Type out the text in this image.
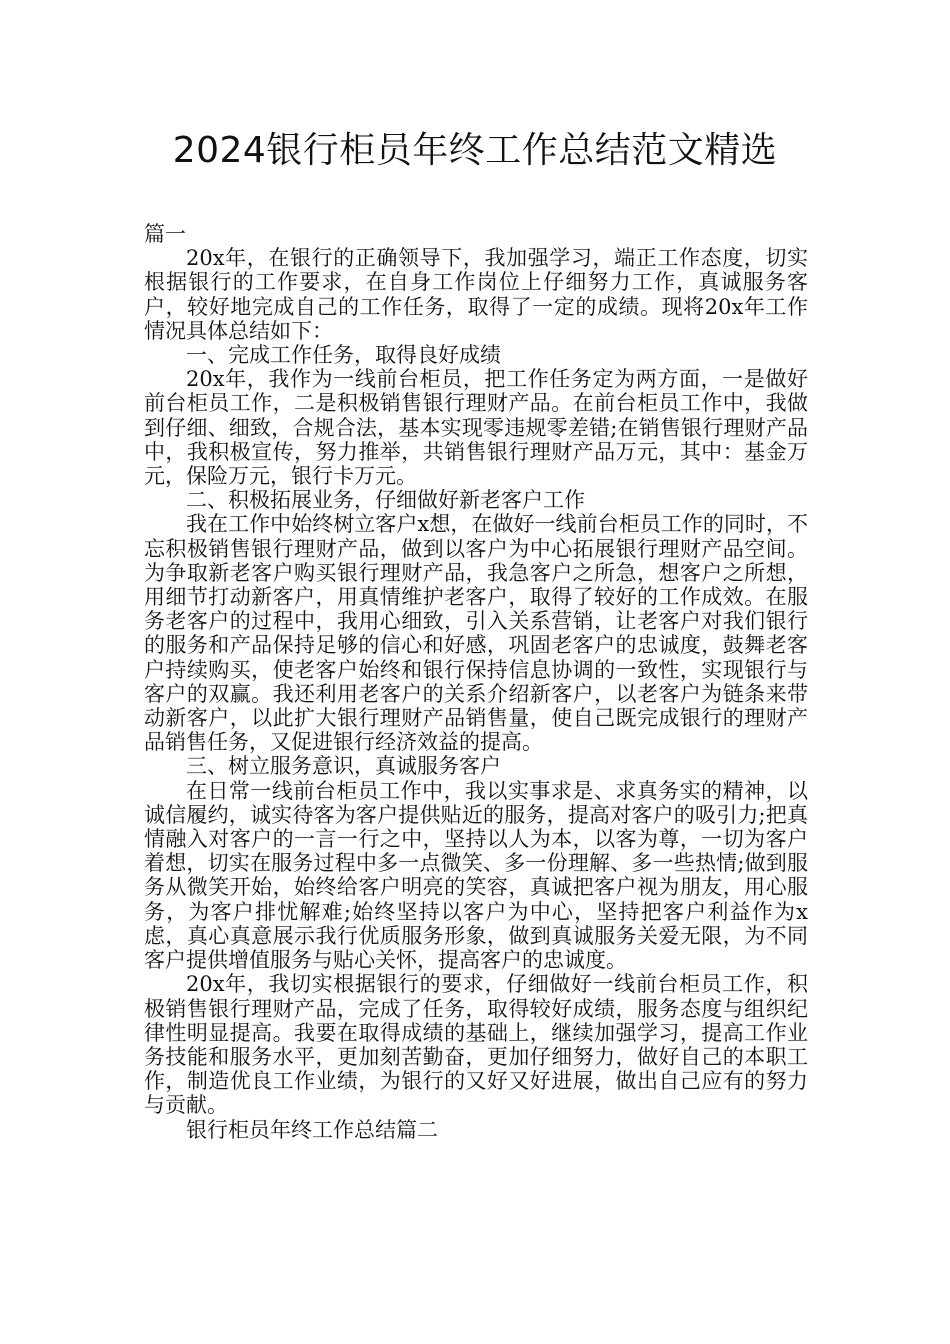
2024银行柜员年终工作总结范文精选

篇一

20x年，在银行的正确领导下，我加强学习，端正工作态度，切实根据银行的工作要求，在自身工作岗位上仔细努力工作，真诚服务客户，较好地完成自己的工作任务，取得了一定的成绩。现将20x年工作情况具体总结如下：

一、完成工作任务，取得良好成绩

20x年，我作为一线前台柜员，把工作任务定为两方面，一是做好前台柜员工作，二是积极销售银行理财产品。在前台柜员工作中，我做到仔细、细致，合规合法，基本实现零违规零差错;在销售银行理财产品中，我积极宣传，努力推举，共销售银行理财产品万元，其中：基金万元，保险万元，银行卡万元。

二、积极拓展业务，仔细做好新老客户工作

我在工作中始终树立客户x想，在做好一线前台柜员工作的同时，不忘积极销售银行理财产品，做到以客户为中心拓展银行理财产品空间。为争取新老客户购买银行理财产品，我急客户之所急，想客户之所想，用细节打动新客户，用真情维护老客户，取得了较好的工作成效。在服务老客户的过程中，我用心细致，引入关系营销，让老客户对我们银行的服务和产品保持足够的信心和好感，巩固老客户的忠诚度，鼓舞老客户持续购买，使老客户始终和银行保持信息协调的一致性，实现银行与客户的双赢。我还利用老客户的关系介绍新客户，以老客户为链条来带动新客户，以此扩大银行理财产品销售量，使自己既完成银行的理财产品销售任务，又促进银行经济效益的提高。

三、树立服务意识，真诚服务客户

在日常一线前台柜员工作中，我以实事求是、求真务实的精神，以诚信履约，诚实待客为客户提供贴近的服务，提高对客户的吸引力;把真情融入对客户的一言一行之中，坚持以人为本，以客为尊，一切为客户着想，切实在服务过程中多一点微笑、多一份理解、多一些热情;做到服务从微笑开始，始终给客户明亮的笑容，真诚把客户视为朋友，用心服务，为客户排忧解难;始终坚持以客户为中心，坚持把客户利益作为x虑，真心真意展示我行优质服务形象，做到真诚服务关爱无限，为不同客户提供增值服务与贴心关怀，提高客户的忠诚度。

20x年，我切实根据银行的要求，仔细做好一线前台柜员工作，积极销售银行理财产品，完成了任务，取得较好成绩，服务态度与组织纪律性明显提高。我要在取得成绩的基础上，继续加强学习，提高工作业务技能和服务水平，更加刻苦勤奋，更加仔细努力，做好自己的本职工作，制造优良工作业绩，为银行的又好又好进展，做出自己应有的努力与贡献。

银行柜员年终工作总结篇二
